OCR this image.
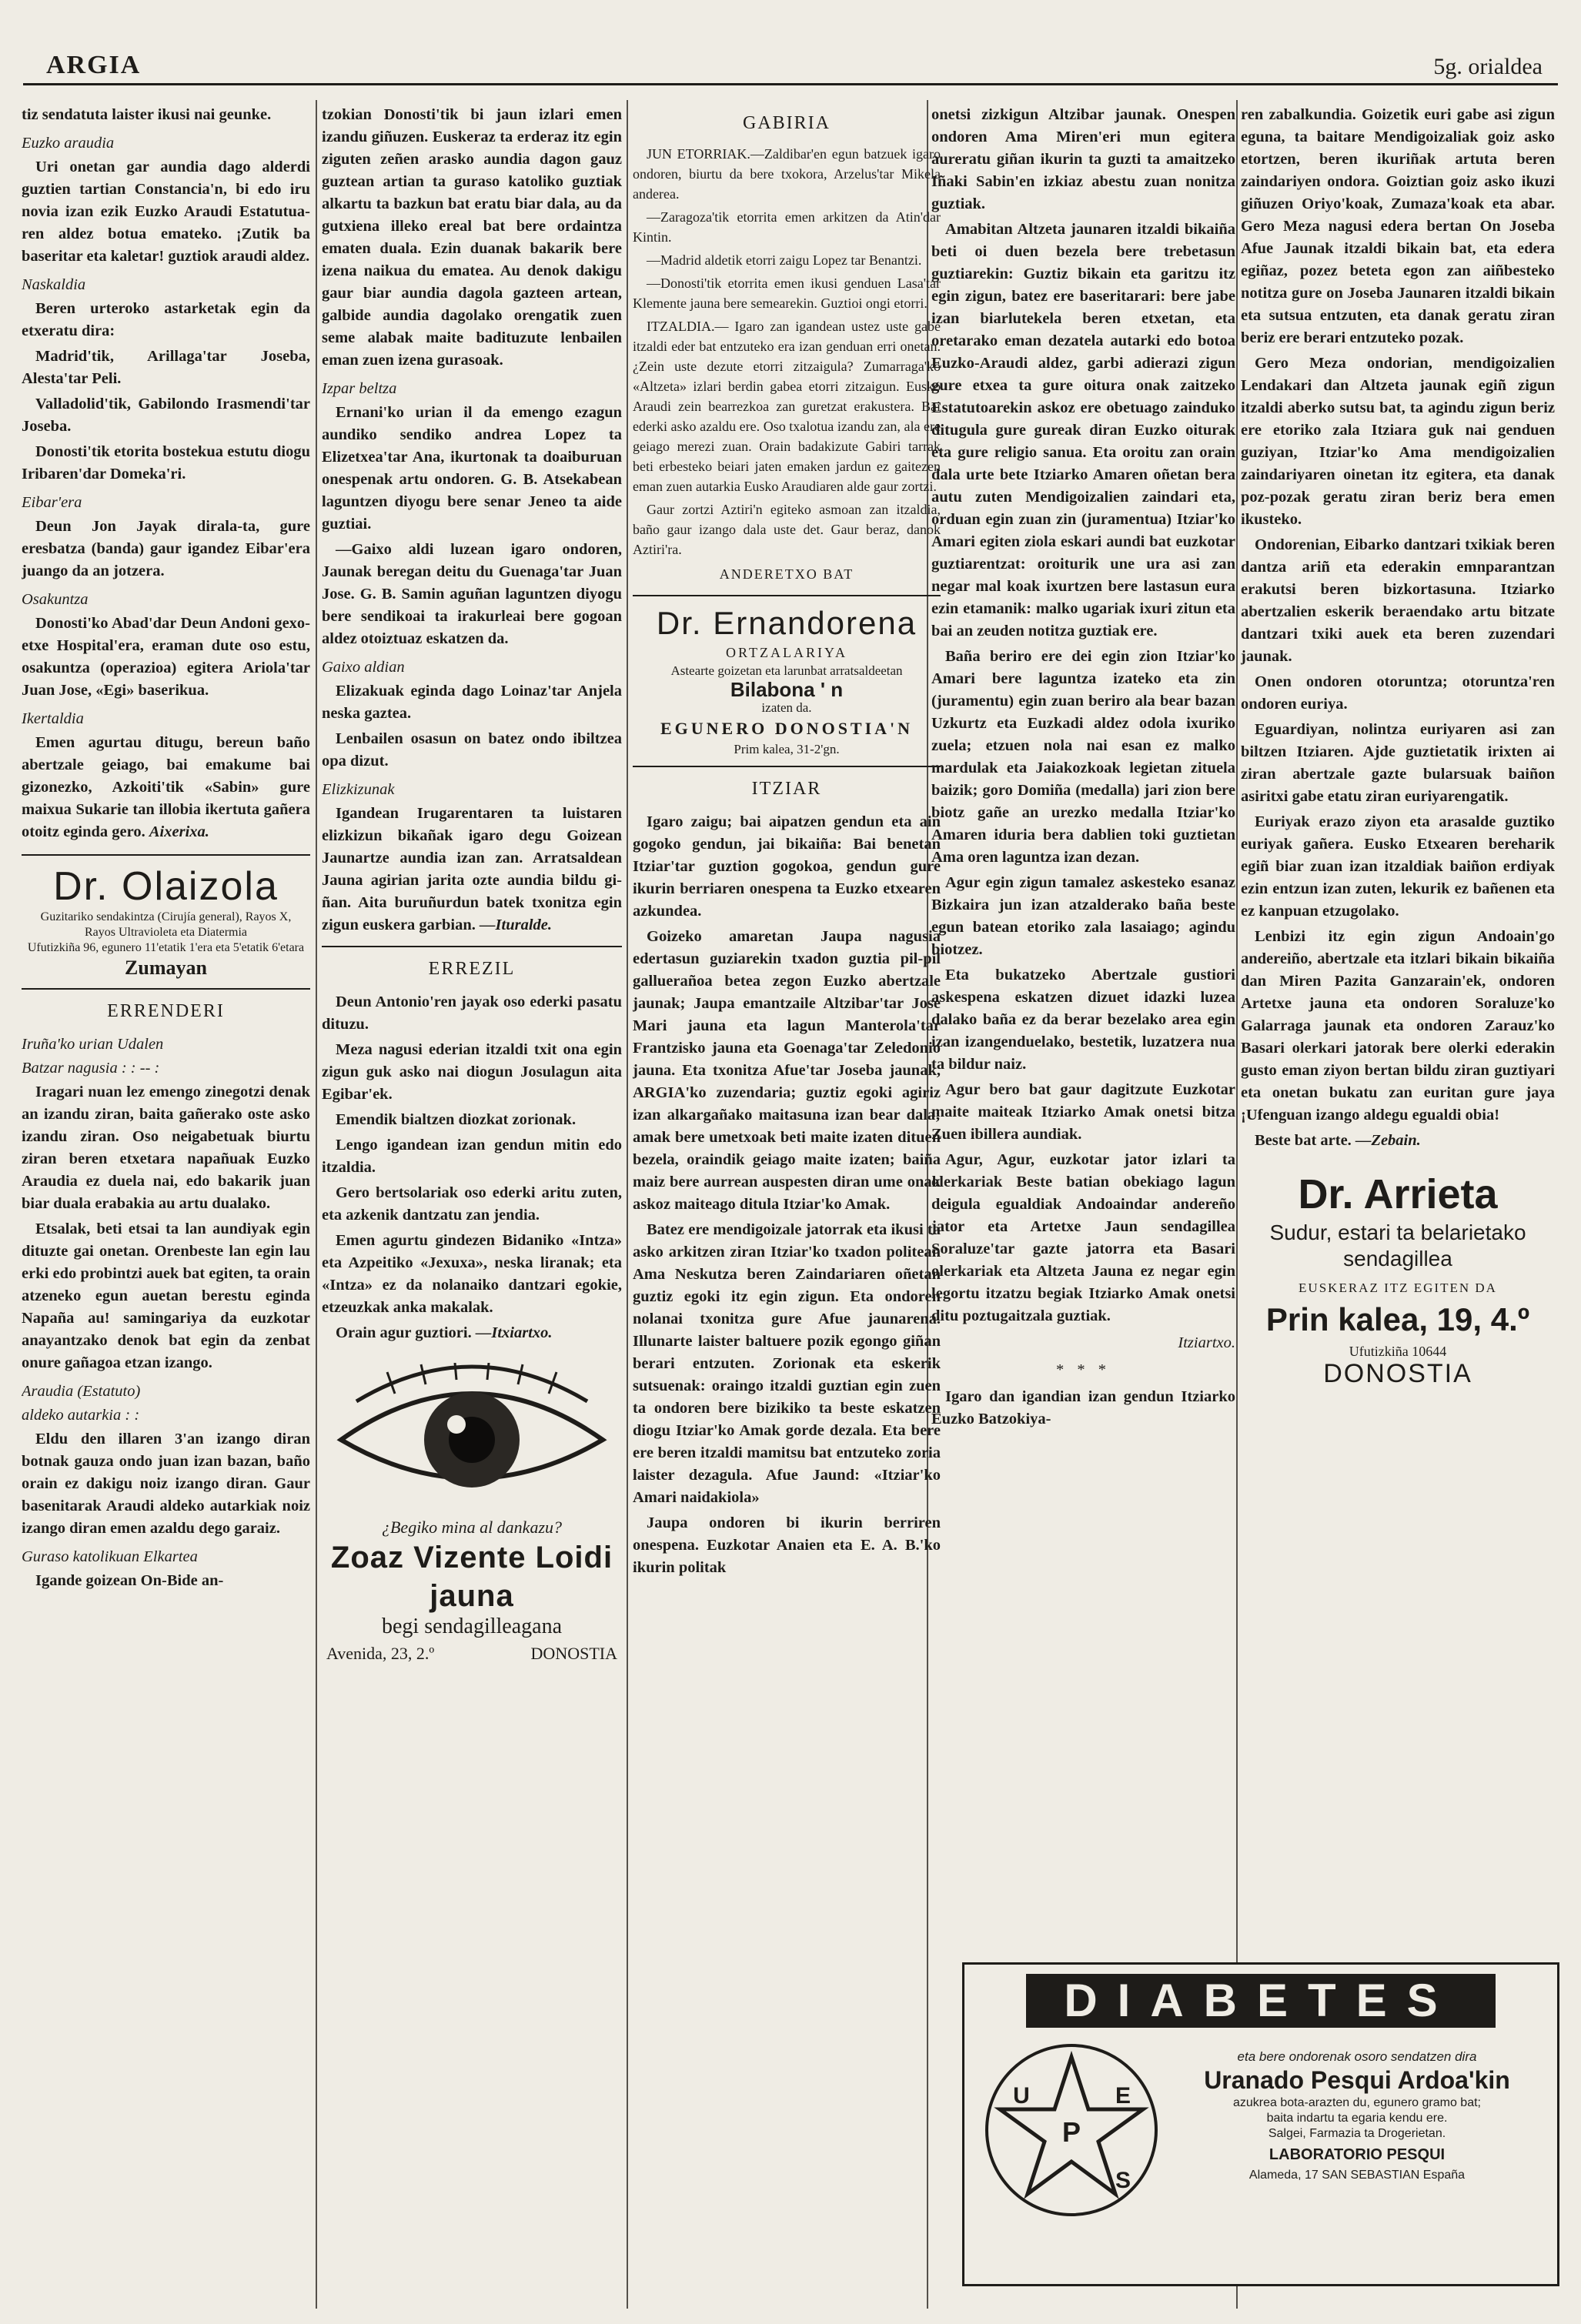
ARGIA	5g. orialdea

tiz sendatuta laister ikusi nai geunke.

Euzko araudia

Uri onetan gar aundia dago alderdi guztien tartian Constancia'n, bi edo iru novia izan ezik Euzko Araudi Estatutua-ren aldez botua emateko. ¡Zutik ba baseritar eta kaletar! guztiok araudi aldez.

Naskaldia

Beren urteroko astarketak egin da etxeratu dira:

Madrid'tik, Arillaga'tar Joseba, Alesta'tar Peli.

Valladolid'tik, Gabilondo Irasmendi'tar Joseba.

Donosti'tik etorita bostekua estutu diogu Iribaren'dar Domeka'ri.

Eibar'era

Deun Jon Jayak dirala-ta, gure eresbatza (banda) gaur igandez Eibar'era juango da an jotzera.

Osakuntza

Donosti'ko Abad'dar Deun Andoni gexo-etxe Hospital'era, eraman dute oso estu, osakuntza (operazioa) egitera Ariola'tar Juan Jose, «Egi» baserikua.

Ikertaldia

Emen agurtau ditugu, bereun baño abertzale geiago, bai emakume bai gizonezko, Azkoiti'tik «Sabin» gure maixua Sukarie tan illobia ikertuta gañera otoitz eginda gero. Aixerixa.

Dr. Olaizola
Guzitariko sendakintza (Cirujía general), Rayos X, Rayos Ultravioleta eta Diatermia
Ufutizkiña 96, egunero 11'etatik 1'era eta 5'etatik 6'etara
Zumayan
ERRENDERI
Iruña'ko urian Udalen
Batzar nagusia : : -- :

Iragari nuan lez emengo zinegotzi denak an izandu ziran, baita gañerako oste asko izandu ziran. Oso neigabetuak biurtu ziran beren etxetara napañuak Euzko Araudia ez duela nai, edo bakarik juan biar duala erabakia au artu dualako.

Etsalak, beti etsai ta lan aundiyak egin dituzte gai onetan. Orenbeste lan egin lau erki edo probintzi auek bat egiten, ta orain atzeneko egun auetan berestu eginda Napaña au! samingariya da euzkotar anayantzako denok bat egin da zenbat onure gañagoa etzan izango.

Araudia (Estatuto)
aldeko autarkia : :

Eldu den illaren 3'an izango diran botnak gauza ondo juan izan bazan, baño orain ez dakigu noiz izango diran. Gaur basenitarak Araudi aldeko autarkiak noiz izango diran emen azaldu dego garaiz.

Guraso katolikuan Elkartea

Igande goizean On-Bide an-

tzokian Donosti'tik bi jaun izlari emen izandu giñuzen. Euskeraz ta erderaz itz egin ziguten zeñen arasko aundia dagon gauz guztean artian ta guraso katoliko guztiak alkartu ta bazkun bat eratu biar dala, au da gutxiena illeko ereal bat bere ordaintza ematen duala. Ezin duanak bakarik bere izena naikua du ematea. Au denok dakigu gaur biar aundia dagola gazteen artean, galbide aundia dagolako orengatik zuen seme alabak maite badituzute lenbailen eman zuen izena gurasoak.

Izpar beltza

Ernani'ko urian il da emengo ezagun aundiko sendiko andrea Lopez ta Elizetxea'tar Ana, ikurtonak ta doaiburuan onespenak artu ondoren. G. B. Atsekabean laguntzen diyogu bere senar Jeneo ta aide guztiai.

—Gaixo aldi luzean igaro ondoren, Jaunak beregan deitu du Guenaga'tar Juan Jose. G. B. Samin aguñan laguntzen diyogu bere sendikoai ta irakurleai bere gogoan aldez otoiztuaz eskatzen da.

Gaixo aldian

Elizakuak eginda dago Loinaz'tar Anjela neska gaztea.

Lenbailen osasun on batez ondo ibiltzea opa dizut.

Elizkizunak

Igandean Irugarentaren ta luistaren elizkizun bikañak igaro degu Goizean Jaunartze aundia izan zan. Arratsaldean Jauna agirian jarita ozte aundia bildu gi-ñan. Aita buruñurdun batek txonitza egin zigun euskera garbian. —Ituralde.

ERREZIL

Deun Antonio'ren jayak oso ederki pasatu dituzu.

Meza nagusi ederian itzaldi txit ona egin zigun guk asko nai diogun Josulagun aita Egibar'ek.

Emendik bialtzen diozkat zorionak.

Lengo igandean izan gendun mitin edo itzaldia.

Gero bertsolariak oso ederki aritu zuten, eta azkenik dantzatu zan jendia.

Emen agurtu gindezen Bidaniko «Intza» eta Azpeitiko «Jexuxa», neska liranak; eta «Intza» ez da nolanaiko dantzari egokie, etzeuzkak anka makalak.

Orain agur guztiori. —Itxiartxo.

¿Begiko mina al dankazu?
Zoaz Vizente Loidi jauna
begi sendagilleagana
Avenida, 23, 2.º	DONOSTIA
GABIRIA

JUN ETORRIAK.—Zaldibar'en egun batzuek igaro ondoren, biurtu da bere txokora, Arzelus'tar Mikela andereа.

—Zaragoza'tik etorrita emen arkitzen da Atin'dar Kintin.

—Madrid aldetik etorri zaigu Lopez tar Benantzi.

—Donosti'tik etorrita emen ikusi genduen Lasa'tar Klemente jauna bere semearekin. Guztioi ongi etorri.

ITZALDIA.— Igaro zan igandean ustez uste gabe itzaldi eder bat entzuteko era izan genduan erri onetan. ¿Zein uste dezute etorri zitzaigula? Zumarraga'ko «Altzeta» izlari berdin gabea etorri zitzaigun. Eusko Araudi zein bearrezkoa zan guretzat erakustera. Bai ederki asko azaldu ere. Oso txalotua izandu zan, ala ere geiago merezi zuan. Orain badakizute Gabiri tarrak beti erbesteko beiari jaten emaken jardun ez gaitezen eman zuen autarkia Eusko Araudiaren alde gaur zortzi.

Gaur zortzi Aztiri'n egiteko asmoan zan itzaldia, baño gaur izango dala uste det. Gaur beraz, danok Aztiri'ra.

ANDERETXO BAT
Dr. Ernandorena
ORTZALARIYA
Astearte goizetan eta larunbat arratsaldeetan
Bilabona ' n
izaten da.
EGUNERO DONOSTIA'N
Prim kalea, 31-2'gn.
ITZIAR

Igaro zaigu; bai aipatzen gendun eta ain gogoko gendun, jai bikaiña: Bai benetan Itziar'tar guztion gogokoa, gendun gure ikurin berriaren onespena ta Euzko etxearen azkundea.

Goizeko amaretan Jaupa nagusia edertasun guziarekin txadon guztia pil-pil galluerañoa betea zegon Euzko abertzale jaunak; Jaupa emantzaile Altzibar'tar Jose Mari jauna eta lagun Manterola'tar Frantzisko jauna eta Goenaga'tar Zeledonio jauna. Eta txonitza Afue'tar Joseba jaunak, ARGIA'ko zuzendaria; guztiz egoki agiriz izan alkargañako maitasuna izan bear dala; amak bere umetxoak beti maite izaten dituen bezela, oraindik geiago maite izaten; baiña maiz bere aurrean auspesten diran ume onak askoz maiteago ditula Itziar'ko Amak.

Batez ere mendigoizale jatorrak eta ikusi ta asko arkitzen ziran Itziar'ko txadon politean Ama Neskutza beren Zaindariaren oñetan guztiz egoki itz egin zigun. Eta ondoren nolanai txonitza gure Afue jaunarena. Illunarte laister baltuere pozik egongo giñan berari entzuten. Zorionak eta eskerik sutsuenak: oraingo itzaldi guztian egin zuen ta ondoren bere bizikiko ta beste eskatzen diogu Itziar'ko Amak gorde dezala. Eta bere ere beren itzaldi mamitsu bat entzuteko zoria laister dezagula. Afue Jaund: «Itziar'ko Amari naidakiola»

Jaupa ondoren bi ikurin berriren onespena. Euzkotar Anaien eta E. A. B.'ko ikurin politak

onetsi zizkigun Altzibar jaunak. Onespen ondoren Ama Miren'eri mun egitera aureratu giñan ikurin ta guzti ta amaitzeko Iñaki Sabin'en izkiaz abestu zuan nonitza guztiak.

Amabitan Altzeta jaunaren itzaldi bikaiña beti oi duen bezela bere trebetasun guztiarekin: Guztiz bikain eta garitzu itz egin zigun, batez ere baseritarari: bere jabe izan biarlutekela beren etxetan, eta oretarako eman dezatela autarki edo botoa Euzko-Araudi aldez, garbi adierazi zigun gure etxea ta gure oitura onak zaitzeko Estatutoarekin askoz ere obetuago zainduko ditugula gure gureak diran Euzko oiturak eta gure religio sanua. Eta oroitu zan orain dala urte bete Itziarko Amaren oñetan bera autu zuten Mendigoizalien zaindari eta, orduan egin zuan zin (juramentua) Itziar'ko Amari egiten ziola eskari aundi bat euzkotar guztiarentzat: oroiturik une ura asi zan negar mal koak ixurtzen bere lastasun eura ezin etamanik: malko ugariak ixuri zitun eta bai an zeuden notitza guztiak ere.

Baña beriro ere dei egin zion Itziar'ko Amari bere laguntza izateko eta zin (juramentu) egin zuan beriro ala bear bazan Uzkurtz eta Euzkadi aldez odola ixuriko zuela; etzuen nola nai esan ez malko mardulak eta Jaiakozkoak legietan zituela baizik; goro Domiña (medalla) jari zion bere biotz gañe an urezko medalla Itziar'ko Amaren iduria bera dablien toki guztietan Ama oren laguntza izan dezan.

Agur egin zigun tamalez askesteko esanaz Bizkaira jun izan atzalderako baña beste egun batean etoriko zala lasaiago; agindu biotzez.

Eta bukatzeko Abertzale gustiori askespena eskatzen dizuet idazki luzea dalako baña ez da berar bezelako area egin izan izangenduelako, bestetik, luzatzera nua ta bildur naiz.

Agur bero bat gaur dagitzute Euzkotar maite maiteak Itziarko Amak onetsi bitza Zuen ibillera aundiak.

Agur, Agur, euzkotar jator izlari ta olerkariak Beste batian obekiago lagun deigula egualdiak Andoaindar andereño jator eta Artetxe Jaun sendagillea Soraluze'tar gazte jatorra eta Basari olerkariak eta Altzeta Jauna ez negar egin legortu itzatzu begiak Itziarko Amak onetsi ditu poztugaitzala guztiak.

Itziartxo.
* * *

Igaro dan igandian izan gendun Itziarko Euzko Batzokiya-

ren zabalkundia. Goizetik euri gabe asi zigun eguna, ta baitare Mendigoizaliak goiz asko etortzen, beren ikuriñak artuta beren zaindariyen ondora. Goiztian goiz asko ikuzi giñuzen Oriyo'koak, Zumaza'koak eta abar. Gero Meza nagusi edera bertan On Joseba Afue Jaunak itzaldi bikain bat, eta edera egiñaz, pozez beteta egon zan aiñbesteko notitza gure on Joseba Jaunaren itzaldi bikain eta sutsua entzuten, eta danak geratu ziran beriz ere berari entzuteko pozak.

Gero Meza ondorian, mendigoizalien Lendakari dan Altzeta jaunak egiñ zigun itzaldi aberko sutsu bat, ta agindu zigun beriz ere etoriko zala Itziara guk nai genduen guziyan, Itziar'ko Ama mendigoizalien zaindariyaren oinetan itz egitera, eta danak poz-pozak geratu ziran beriz bera emen ikusteko.

Ondorenian, Eibarko dantzari txikiak beren dantza ariñ eta ederakin emnparantzan erakutsi beren bizkortasuna. Itziarko abertzalien eskerik beraendako artu bitzate dantzari txiki auek eta beren zuzendari jaunak.

Onen ondoren otoruntza; otoruntza'ren ondoren euriya.

Eguardiyan, nolintza euriyaren asi zan biltzen Itziaren. Ajde guztietatik irixten ai ziran abertzale gazte bularsuak baiñon asiritxi gabe etatu ziran euriyarengatik.

Euriyak erazo ziyon eta arasalde guztiko euriyak gañera. Eusko Etxearen bereharik egiñ biar zuan izan itzaldiak baiñon erdiyak ezin entzun izan zuten, lekurik ez bañenen eta ez kanpuan etzugolako.

Lenbizi itz egin zigun Andoain'go andereiño, abertzale eta itzlari bikain bikaiña dan Miren Pazita Ganzarain'ek, ondoren Artetxe jauna eta ondoren Soraluze'ko Galarraga jaunak eta ondoren Zarauz'ko Basari olerkari jatorak bere olerki ederakin gusto eman ziyon bertan bildu ziran guztiyari eta onetan bukatu zan euritan gure jaya ¡Ufenguan izango aldegu egualdi obia!

Beste bat arte. —Zebain.

Dr. Arrieta
Sudur, estari ta belarietako
sendagillea
EUSKERAZ ITZ EGITEN DA
Prin kalea, 19, 4.º
Ufutizkiña 10644
DONOSTIA
DIABETES
P
U	E
S
eta bere ondorenak osoro sendatzen dira
Uranado Pesqui Ardoa'kin
azukrea bota-arazten du, egunero gramo bat;
baita indartu ta egaria kendu ere.
Salgei, Farmazia ta Drogerietan.
LABORATORIO PESQUI
Alameda, 17 SAN SEBASTIAN España
